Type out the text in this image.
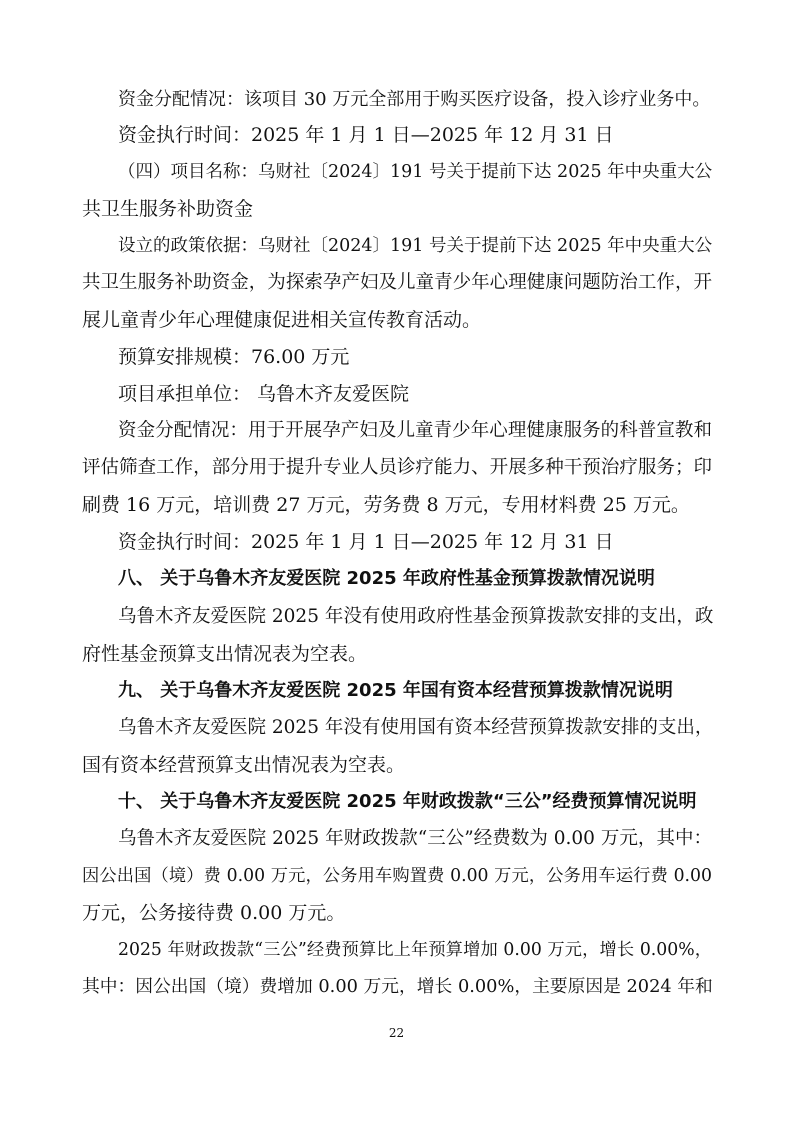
资金分配情况：该项目 30 万元全部用于购买医疗设备，投入诊疗业务中。

资金执行时间：2025 年 1 月 1 日—2025 年 12 月 31 日

（四）项目名称：乌财社〔2024〕191 号关于提前下达 2025 年中央重大公

共卫生服务补助资金

设立的政策依据：乌财社〔2024〕191 号关于提前下达 2025 年中央重大公

共卫生服务补助资金，为探索孕产妇及儿童青少年心理健康问题防治工作，开

展儿童青少年心理健康促进相关宣传教育活动。

预算安排规模：76.00 万元

项目承担单位： 乌鲁木齐友爱医院

资金分配情况：用于开展孕产妇及儿童青少年心理健康服务的科普宣教和

评估筛查工作，部分用于提升专业人员诊疗能力、开展多种干预治疗服务；印

刷费 16 万元，培训费 27 万元，劳务费 8 万元，专用材料费 25 万元。

资金执行时间：2025 年 1 月 1 日—2025 年 12 月 31 日

八、 关于乌鲁木齐友爱医院 2025 年政府性基金预算拨款情况说明

乌鲁木齐友爱医院 2025 年没有使用政府性基金预算拨款安排的支出，政

府性基金预算支出情况表为空表。

九、 关于乌鲁木齐友爱医院 2025 年国有资本经营预算拨款情况说明

乌鲁木齐友爱医院 2025 年没有使用国有资本经营预算拨款安排的支出，

国有资本经营预算支出情况表为空表。

十、 关于乌鲁木齐友爱医院 2025 年财政拨款“三公”经费预算情况说明

乌鲁木齐友爱医院 2025 年财政拨款“三公”经费数为 0.00 万元，其中：

因公出国（境）费 0.00 万元，公务用车购置费 0.00 万元，公务用车运行费 0.00

万元，公务接待费 0.00 万元。

2025 年财政拨款“三公”经费预算比上年预算增加 0.00 万元，增长 0.00%，

其中：因公出国（境）费增加 0.00 万元，增长 0.00%，主要原因是 2024 年和

22
